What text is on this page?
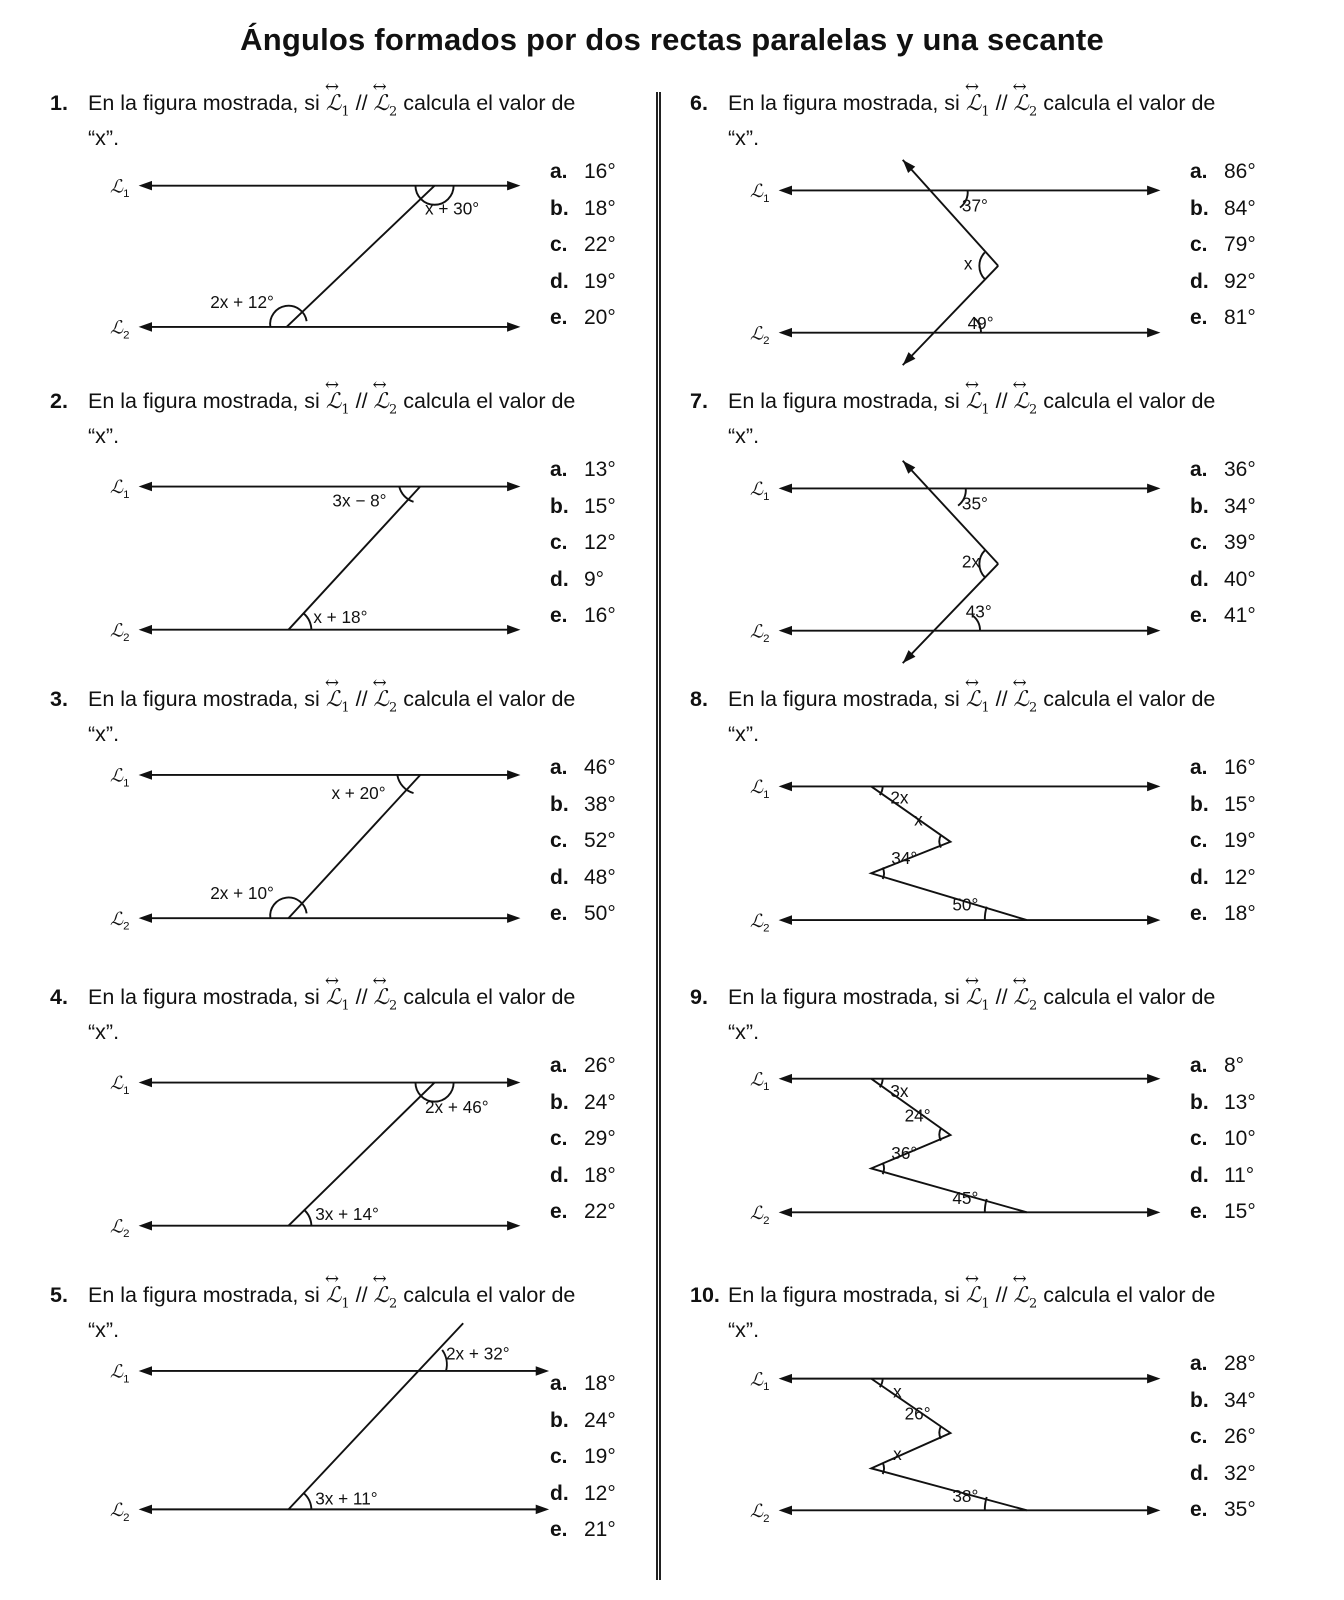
Ángulos formados por dos rectas paralelas y una secante
1. En la figura mostrada, si ↔ ℒ$_1$ // ↔ ℒ$_2$ calcula el valor de
“x”.
ℒ$_1$
ℒ$_2$
x + 30°
2x + 12°
a. 16°
b. 18°
c. 22°
d. 19°
e. 20°
2. En la figura mostrada, si ↔ ℒ$_1$ // ↔ ℒ$_2$ calcula el valor de
“x”.
ℒ$_1$
ℒ$_2$
3x − 8°
x + 18°
a. 13°
b. 15°
c. 12°
d. 9°
e. 16°
3. En la figura mostrada, si ↔ ℒ$_1$ // ↔ ℒ$_2$ calcula el valor de
“x”.
ℒ$_1$
ℒ$_2$
x + 20°
2x + 10°
a. 46°
b. 38°
c. 52°
d. 48°
e. 50°
4. En la figura mostrada, si ↔ ℒ$_1$ // ↔ ℒ$_2$ calcula el valor de
“x”.
ℒ$_1$
ℒ$_2$
2x + 46°
3x + 14°
a. 26°
b. 24°
c. 29°
d. 18°
e. 22°
5. En la figura mostrada, si ↔ ℒ$_1$ // ↔ ℒ$_2$ calcula el valor de
“x”.
ℒ$_1$
ℒ$_2$
2x + 32°
3x + 11°
a. 18°
b. 24°
c. 19°
d. 12°
e. 21°
6. En la figura mostrada, si ↔ ℒ$_1$ // ↔ ℒ$_2$ calcula el valor de
“x”.
ℒ$_1$
ℒ$_2$
37°
x
49°
a. 86°
b. 84°
c. 79°
d. 92°
e. 81°
7. En la figura mostrada, si ↔ ℒ$_1$ // ↔ ℒ$_2$ calcula el valor de
“x”.
ℒ$_1$
ℒ$_2$
35°
2x
43°
a. 36°
b. 34°
c. 39°
d. 40°
e. 41°
8. En la figura mostrada, si ↔ ℒ$_1$ // ↔ ℒ$_2$ calcula el valor de
“x”.
ℒ$_1$
ℒ$_2$
2x
x
34°
50°
a. 16°
b. 15°
c. 19°
d. 12°
e. 18°
9. En la figura mostrada, si ↔ ℒ$_1$ // ↔ ℒ$_2$ calcula el valor de
“x”.
ℒ$_1$
ℒ$_2$
3x
24°
36°
45°
a. 8°
b. 13°
c. 10°
d. 11°
e. 15°
10. En la figura mostrada, si ↔ ℒ$_1$ // ↔ ℒ$_2$ calcula el valor de
“x”.
ℒ$_1$
ℒ$_2$
x
26°
x
38°
a. 28°
b. 34°
c. 26°
d. 32°
e. 35°
